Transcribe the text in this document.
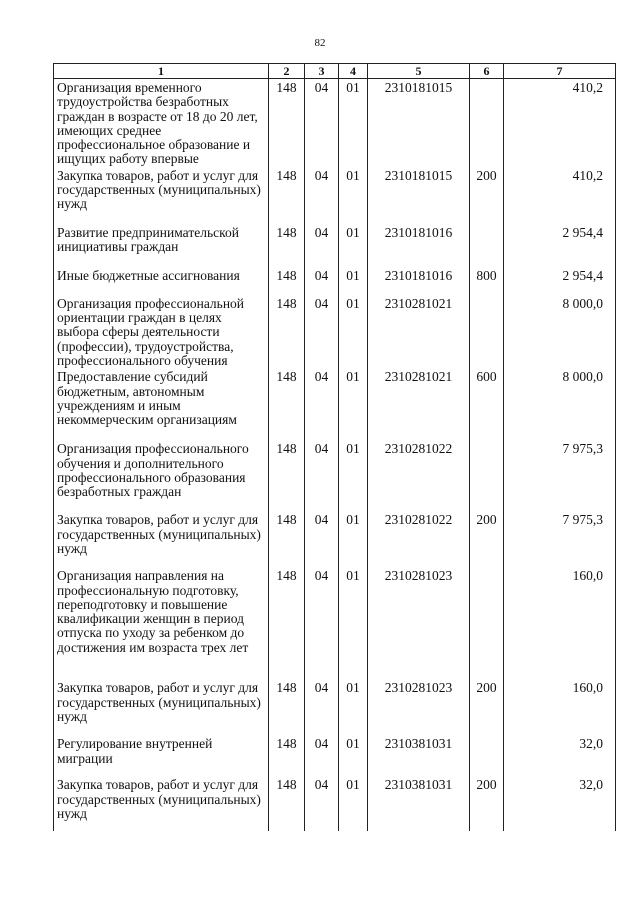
82
1	2	3	4	5	6	7
Организация временного трудоустройства безработных граждан в возрасте от 18 до 20 лет, имеющих среднее профессиональное образование и ищущих работу впервые	148	04	01	2310181015		410,2
Закупка товаров, работ и услуг для государственных (муниципальных) нужд	148	04	01	2310181015	200	410,2
Развитие предпринимательской инициативы граждан	148	04	01	2310181016		2 954,4
Иные бюджетные ассигнования	148	04	01	2310181016	800	2 954,4
Организация профессиональной ориентации граждан в целях выбора сферы деятельности (профессии), трудоустройства, профессионального обучения	148	04	01	2310281021		8 000,0
Предоставление субсидий бюджетным, автономным учреждениям и иным некоммерческим организациям	148	04	01	2310281021	600	8 000,0
Организация профессионального обучения и дополнительного профессионального образования безработных граждан	148	04	01	2310281022		7 975,3
Закупка товаров, работ и услуг для государственных (муниципальных) нужд	148	04	01	2310281022	200	7 975,3
Организация направления на профессиональную подготовку, переподготовку и повышение квалификации женщин в период отпуска по уходу за ребенком до достижения им возраста трех лет	148	04	01	2310281023		160,0
Закупка товаров, работ и услуг для государственных (муниципальных) нужд	148	04	01	2310281023	200	160,0
Регулирование внутренней миграции	148	04	01	2310381031		32,0
Закупка товаров, работ и услуг для государственных (муниципальных) нужд	148	04	01	2310381031	200	32,0
